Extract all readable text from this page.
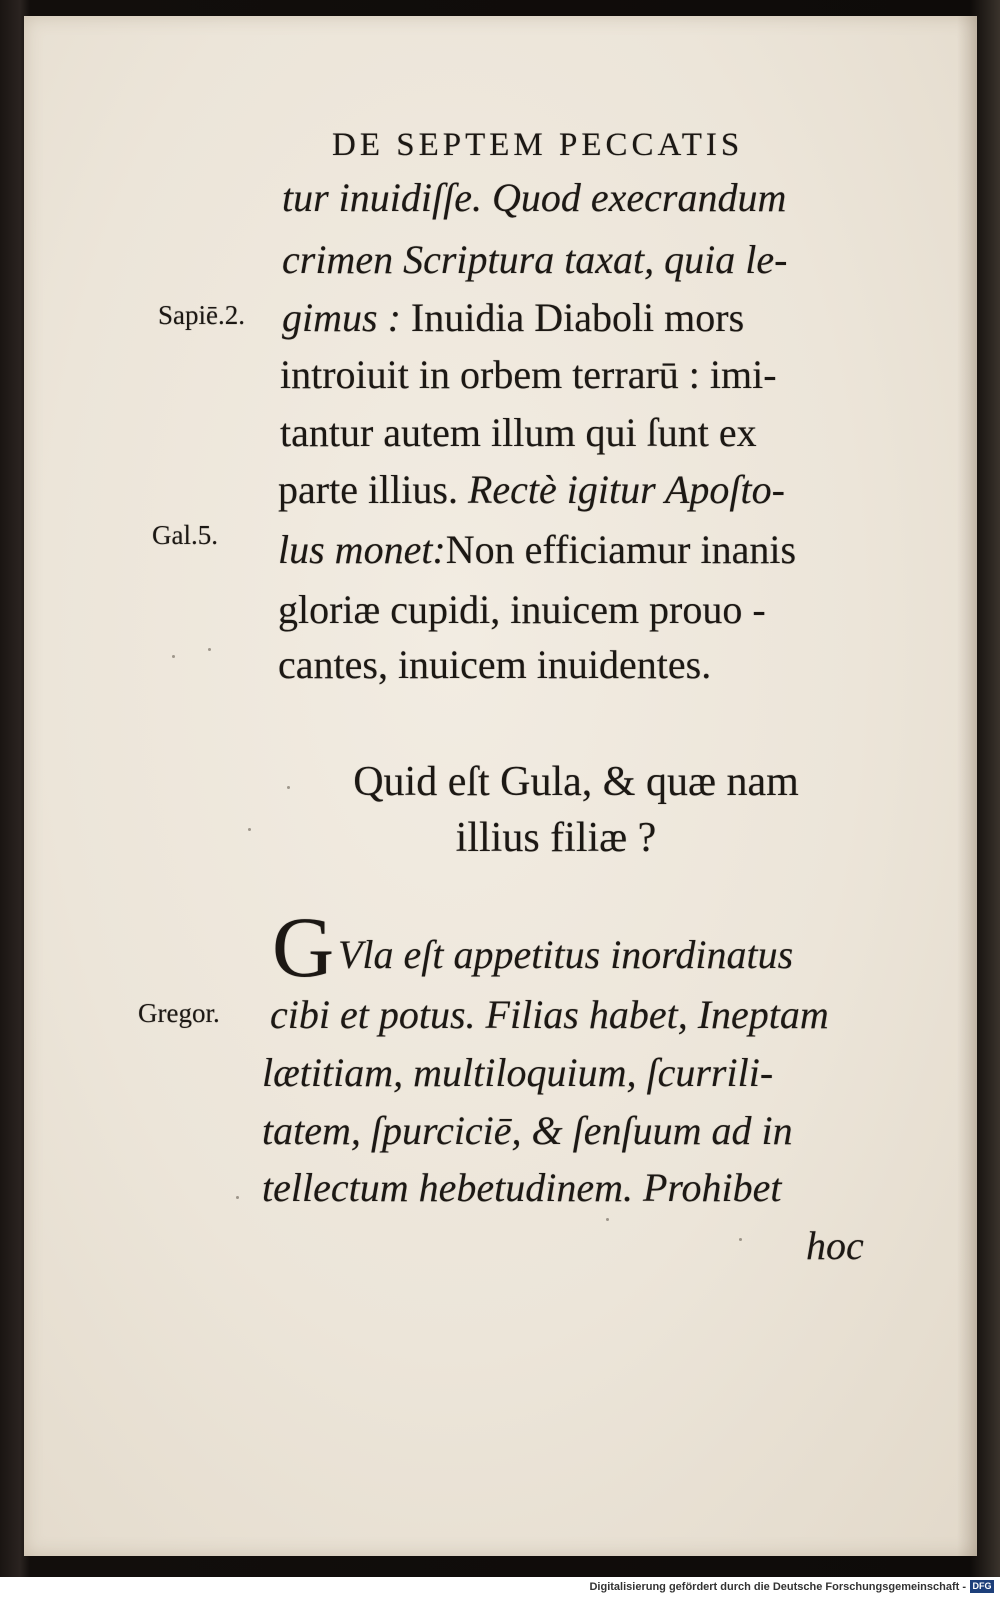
DE SEPTEM PECCATIS
Sapiē.2.
Gal.5.
Gregor.
tur inuidiſſe. Quod execrandum
crimen Scriptura taxat, quia le-
gimus : Inuidia Diaboli mors
introiuit in orbem terrarū : imi-
tantur autem illum qui ſunt ex
parte illius. Rectè igitur Apoſto-
lus monet:Non efficiamur inanis
gloriæ cupidi, inuicem prouo -
cantes, inuicem inuidentes.
Quid eſt Gula, & quæ nam
illius filiæ ?
G Vla eſt appetitus inordinatus
cibi et potus. Filias habet, Ineptam
lætitiam, multiloquium, ſcurrili-
tatem, ſpurciciē, & ſenſuum ad in
tellectum hebetudinem. Prohibet
hoc
Digitalisierung gefördert durch die Deutsche Forschungsgemeinschaft - DFG
